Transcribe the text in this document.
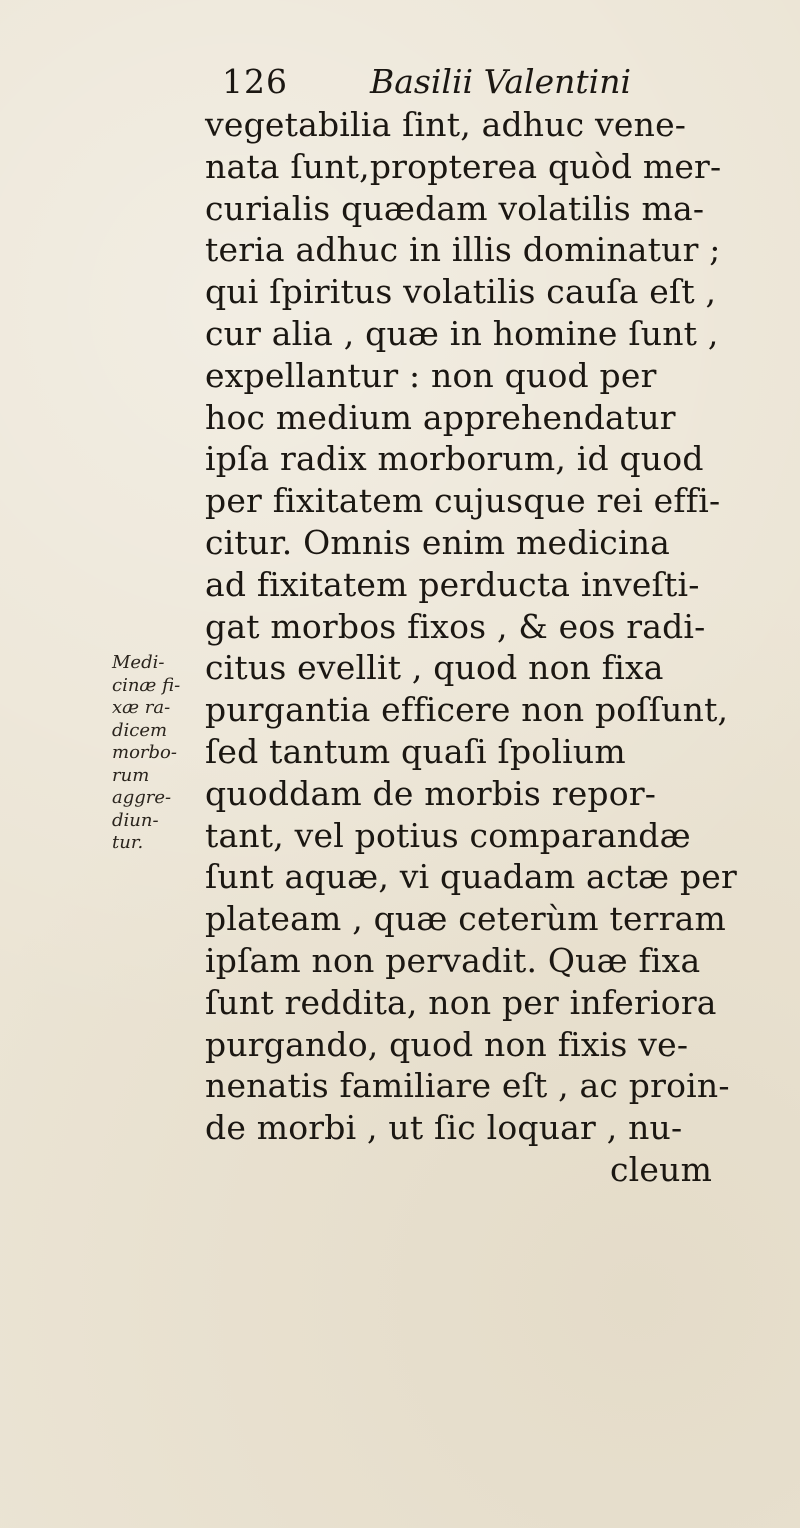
126 Basilii Valentini
vegetabilia ſint, adhuc vene-
nata ſunt,propterea quòd mer-
curialis quædam volatilis ma-
teria adhuc in illis dominatur ;
qui ſpiritus volatilis cauſa eſt ,
cur alia , quæ in homine ſunt ,
expellantur : non quod per
hoc medium apprehendatur
ipſa radix morborum, id quod
per fixitatem cujusque rei effi-
citur. Omnis enim medicina
ad fixitatem perducta inveſti-
gat morbos fixos , & eos radi-
citus evellit , quod non fixa
purgantia efficere non poſſunt,
ſed tantum quaſi ſpolium
quoddam de morbis repor-
tant, vel potius comparandæ
ſunt aquæ, vi quadam actæ per
plateam , quæ ceterùm terram
ipſam non pervadit. Quæ fixa
ſunt reddita, non per inferiora
purgando, quod non fixis ve-
nenatis familiare eſt , ac proin-
de morbi , ut ſic loquar , nu-
cleum
Medi-
cinæ fi-
xæ ra-
dicem
morbo-
rum
aggre-
diun-
tur.
